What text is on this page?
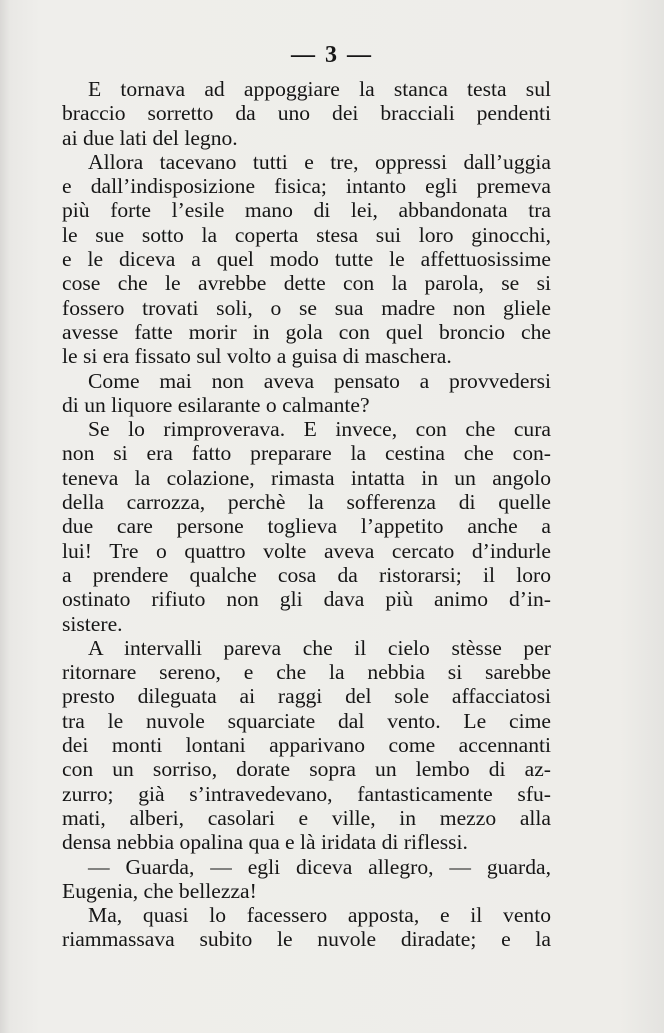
— 3 —

E tornava ad appoggiare la stanca testa sul
braccio sorretto da uno dei bracciali pendenti
ai due lati del legno.

Allora tacevano tutti e tre, oppressi dall’uggia
e dall’indisposizione fisica; intanto egli premeva
più forte l’esile mano di lei, abbandonata tra
le sue sotto la coperta stesa sui loro ginocchi,
e le diceva a quel modo tutte le affettuosissime
cose che le avrebbe dette con la parola, se si
fossero trovati soli, o se sua madre non gliele
avesse fatte morir in gola con quel broncio che
le si era fissato sul volto a guisa di maschera.

Come mai non aveva pensato a provvedersi
di un liquore esilarante o calmante?

Se lo rimproverava. E invece, con che cura
non si era fatto preparare la cestina che con-
teneva la colazione, rimasta intatta in un angolo
della carrozza, perchè la sofferenza di quelle
due care persone toglieva l’appetito anche a
lui! Tre o quattro volte aveva cercato d’indurle
a prendere qualche cosa da ristorarsi; il loro
ostinato rifiuto non gli dava più animo d’in-
sistere.

A intervalli pareva che il cielo stèsse per
ritornare sereno, e che la nebbia si sarebbe
presto dileguata ai raggi del sole affacciatosi
tra le nuvole squarciate dal vento. Le cime
dei monti lontani apparivano come accennanti
con un sorriso, dorate sopra un lembo di az-
zurro; già s’intravedevano, fantasticamente sfu-
mati, alberi, casolari e ville, in mezzo alla
densa nebbia opalina qua e là iridata di riflessi.

— Guarda, — egli diceva allegro, — guarda,
Eugenia, che bellezza!

Ma, quasi lo facessero apposta, e il vento
riammassava subito le nuvole diradate; e la
